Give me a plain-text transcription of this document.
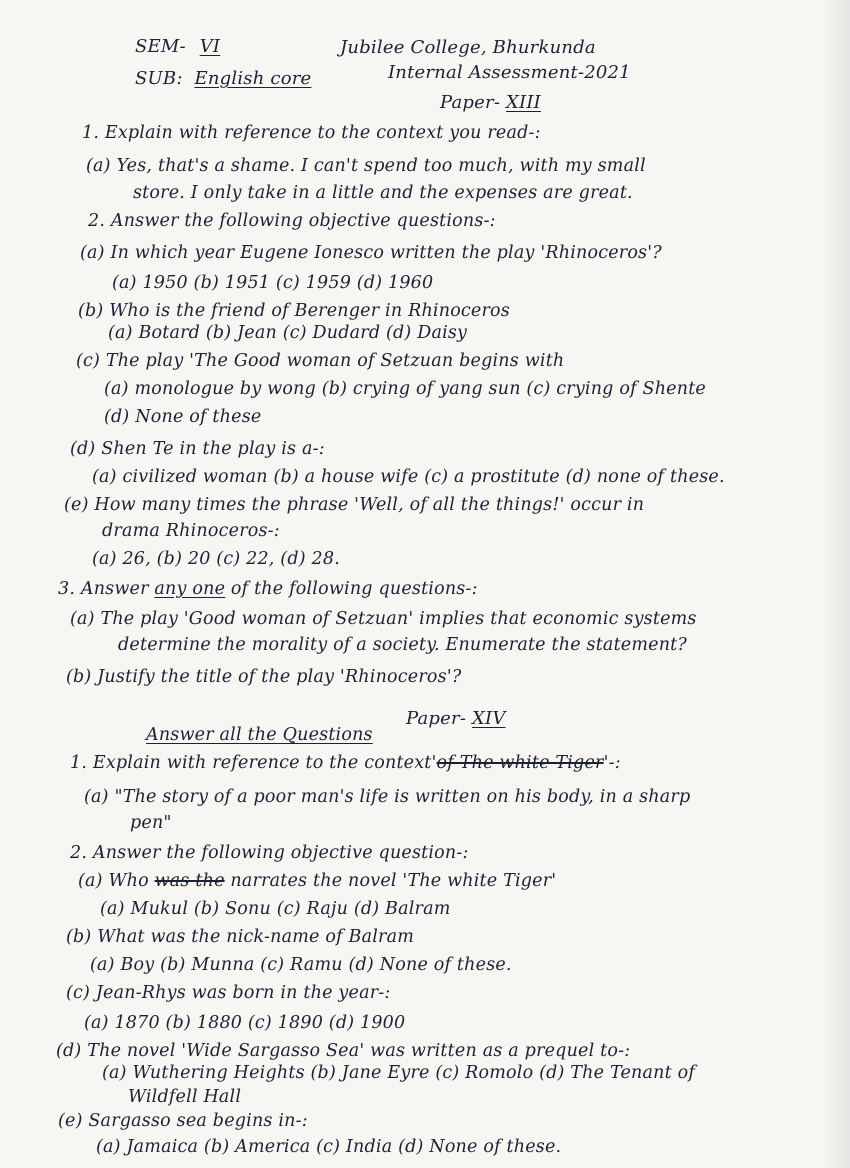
SEM- VI	Jubilee College, Bhurkunda
SUB: English core	Internal Assessment-2021
Paper- XIII
1. Explain with reference to the context you read-:
(a) Yes, that's a shame. I can't spend too much, with my small
store. I only take in a little and the expenses are great.
2. Answer the following objective questions-:
(a) In which year Eugene Ionesco written the play 'Rhinoceros'?
(a) 1950 (b) 1951 (c) 1959 (d) 1960
(b) Who is the friend of Berenger in Rhinoceros
(a) Botard (b) Jean (c) Dudard (d) Daisy
(c) The play 'The Good woman of Setzuan begins with
(a) monologue by wong (b) crying of yang sun (c) crying of Shente
(d) None of these
(d) Shen Te in the play is a-:
(a) civilized woman (b) a house wife (c) a prostitute (d) none of these.
(e) How many times the phrase 'Well, of all the things!' occur in
drama Rhinoceros-:
(a) 26, (b) 20 (c) 22, (d) 28.
3. Answer any one of the following questions-:
(a) The play 'Good woman of Setzuan' implies that economic systems
determine the morality of a society. Enumerate the statement?
(b) Justify the title of the play 'Rhinoceros'?
Paper- XIV
Answer all the Questions
1. Explain with reference to the context'of The white Tiger'-:
(a) "The story of a poor man's life is written on his body, in a sharp
pen"
2. Answer the following objective question-:
(a) Who was the narrates the novel 'The white Tiger'
(a) Mukul (b) Sonu (c) Raju (d) Balram
(b) What was the nick-name of Balram
(a) Boy (b) Munna (c) Ramu (d) None of these.
(c) Jean-Rhys was born in the year-:
(a) 1870 (b) 1880 (c) 1890 (d) 1900
(d) The novel 'Wide Sargasso Sea' was written as a prequel to-:
(a) Wuthering Heights (b) Jane Eyre (c) Romolo (d) The Tenant of
Wildfell Hall
(e) Sargasso sea begins in-:
(a) Jamaica (b) America (c) India (d) None of these.
